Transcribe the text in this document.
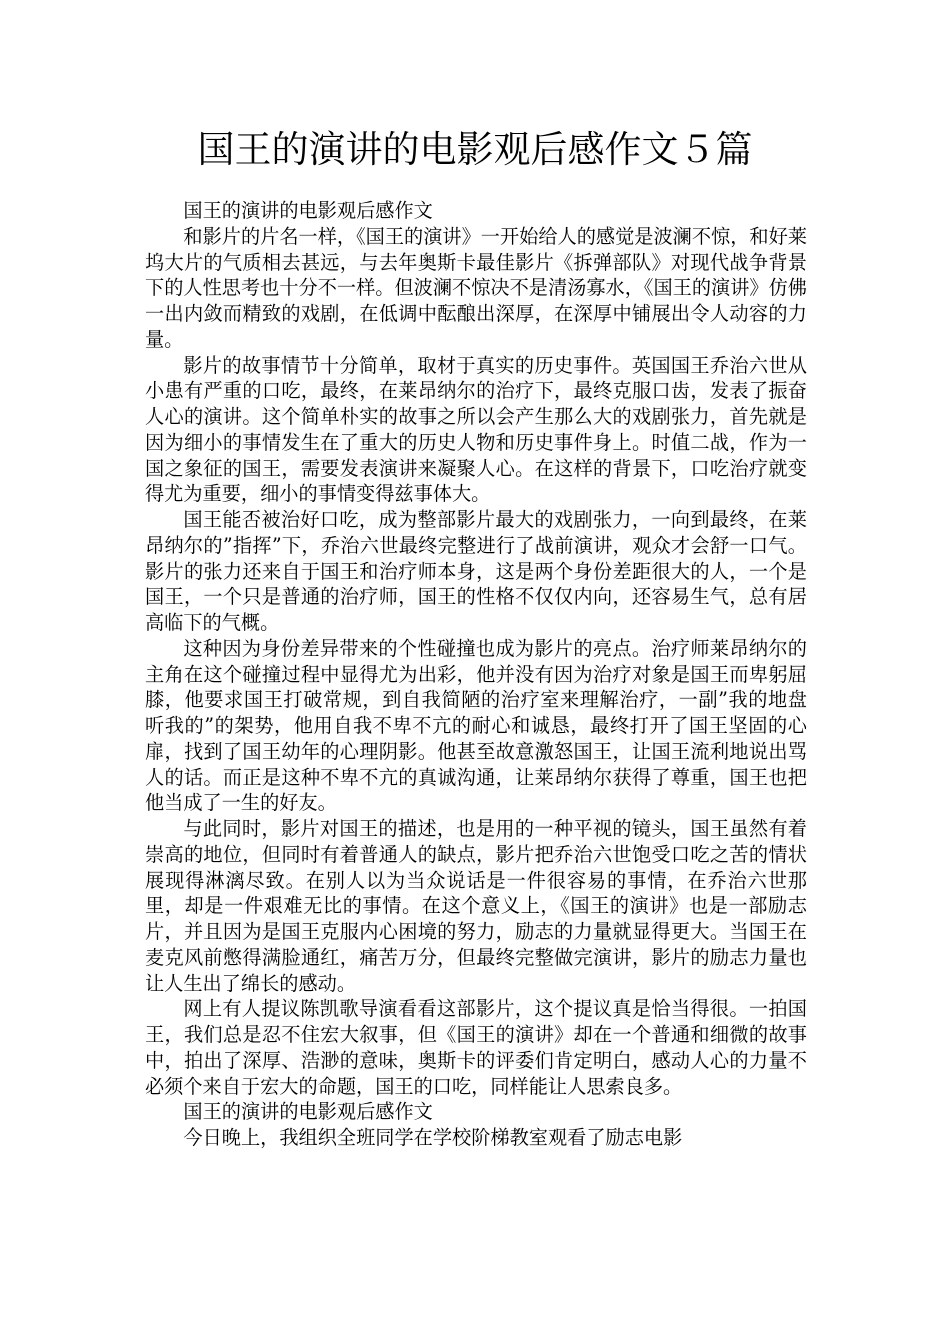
国王的演讲的电影观后感作文５篇

国王的演讲的电影观后感作文

和影片的片名一样，《国王的演讲》一开始给人的感觉是波澜不惊，和好莱坞大片的气质相去甚远，与去年奥斯卡最佳影片《拆弹部队》对现代战争背景下的人性思考也十分不一样。但波澜不惊决不是清汤寡水，《国王的演讲》仿佛一出内敛而精致的戏剧，在低调中酝酿出深厚，在深厚中铺展出令人动容的力量。

影片的故事情节十分简单，取材于真实的历史事件。英国国王乔治六世从小患有严重的口吃，最终，在莱昂纳尔的治疗下，最终克服口齿，发表了振奋人心的演讲。这个简单朴实的故事之所以会产生那么大的戏剧张力，首先就是因为细小的事情发生在了重大的历史人物和历史事件身上。时值二战，作为一国之象征的国王，需要发表演讲来凝聚人心。在这样的背景下，口吃治疗就变得尤为重要，细小的事情变得兹事体大。

国王能否被治好口吃，成为整部影片最大的戏剧张力，一向到最终，在莱昂纳尔的”指挥”下，乔治六世最终完整进行了战前演讲，观众才会舒一口气。影片的张力还来自于国王和治疗师本身，这是两个身份差距很大的人，一个是国王，一个只是普通的治疗师，国王的性格不仅仅内向，还容易生气，总有居高临下的气概。

这种因为身份差异带来的个性碰撞也成为影片的亮点。治疗师莱昂纳尔的主角在这个碰撞过程中显得尤为出彩，他并没有因为治疗对象是国王而卑躬屈膝，他要求国王打破常规，到自我简陋的治疗室来理解治疗，一副”我的地盘听我的”的架势，他用自我不卑不亢的耐心和诚恳，最终打开了国王坚固的心扉，找到了国王幼年的心理阴影。他甚至故意激怒国王，让国王流利地说出骂人的话。而正是这种不卑不亢的真诚沟通，让莱昂纳尔获得了尊重，国王也把他当成了一生的好友。

与此同时，影片对国王的描述，也是用的一种平视的镜头，国王虽然有着崇高的地位，但同时有着普通人的缺点，影片把乔治六世饱受口吃之苦的情状展现得淋漓尽致。在别人以为当众说话是一件很容易的事情，在乔治六世那里，却是一件艰难无比的事情。在这个意义上，《国王的演讲》也是一部励志片，并且因为是国王克服内心困境的努力，励志的力量就显得更大。当国王在麦克风前憋得满脸通红，痛苦万分，但最终完整做完演讲，影片的励志力量也让人生出了绵长的感动。

网上有人提议陈凯歌导演看看这部影片，这个提议真是恰当得很。一拍国王，我们总是忍不住宏大叙事，但《国王的演讲》却在一个普通和细微的故事中，拍出了深厚、浩渺的意味，奥斯卡的评委们肯定明白，感动人心的力量不必须个来自于宏大的命题，国王的口吃，同样能让人思索良多。

国王的演讲的电影观后感作文

今日晚上，我组织全班同学在学校阶梯教室观看了励志电影
